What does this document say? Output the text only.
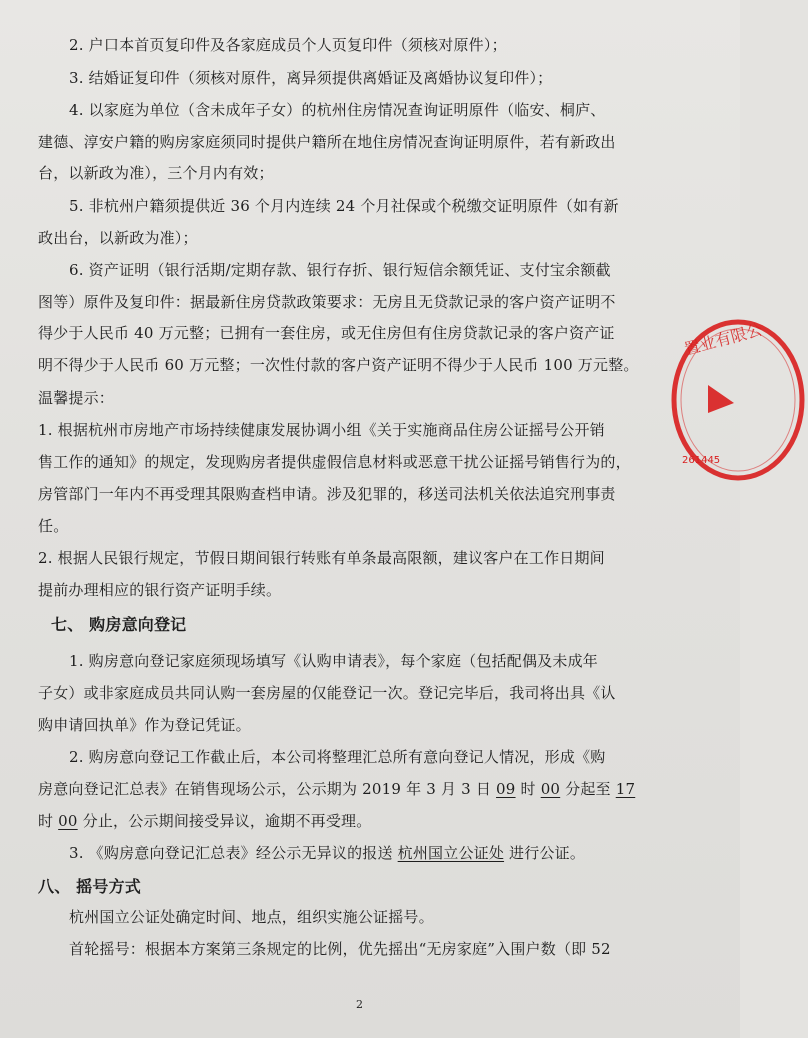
2. 户口本首页复印件及各家庭成员个人页复印件（须核对原件）；
3. 结婚证复印件（须核对原件，离异须提供离婚证及离婚协议复印件）；
4. 以家庭为单位（含未成年子女）的杭州住房情况查询证明原件（临安、桐庐、
建德、淳安户籍的购房家庭须同时提供户籍所在地住房情况查询证明原件，若有新政出
台，以新政为准），三个月内有效；
5. 非杭州户籍须提供近 36 个月内连续 24 个月社保或个税缴交证明原件（如有新
政出台，以新政为准）；
6. 资产证明（银行活期/定期存款、银行存折、银行短信余额凭证、支付宝余额截
图等）原件及复印件：据最新住房贷款政策要求：无房且无贷款记录的客户资产证明不
得少于人民币 40 万元整；已拥有一套住房，或无住房但有住房贷款记录的客户资产证
明不得少于人民币 60 万元整；一次性付款的客户资产证明不得少于人民币 100 万元整。
温馨提示：
1. 根据杭州市房地产市场持续健康发展协调小组《关于实施商品住房公证摇号公开销
售工作的通知》的规定，发现购房者提供虚假信息材料或恶意干扰公证摇号销售行为的，
房管部门一年内不再受理其限购查档申请。涉及犯罪的，移送司法机关依法追究刑事责
任。
2. 根据人民银行规定，节假日期间银行转账有单条最高限额，建议客户在工作日期间
提前办理相应的银行资产证明手续。
七、 购房意向登记
1. 购房意向登记家庭须现场填写《认购申请表》，每个家庭（包括配偶及未成年
子女）或非家庭成员共同认购一套房屋的仅能登记一次。登记完毕后，我司将出具《认
购申请回执单》作为登记凭证。
2. 购房意向登记工作截止后，本公司将整理汇总所有意向登记人情况，形成《购
房意向登记汇总表》在销售现场公示，公示期为 2019 年 3 月 3 日 09 时 00 分起至 17
时 00 分止，公示期间接受异议，逾期不再受理。
3. 《购房意向登记汇总表》经公示无异议的报送 杭州国立公证处 进行公证。
八、 摇号方式
杭州国立公证处确定时间、地点，组织实施公证摇号。
首轮摇号：根据本方案第三条规定的比例，优先摇出“无房家庭”入围户数（即 52
置业有限公
261445
2
